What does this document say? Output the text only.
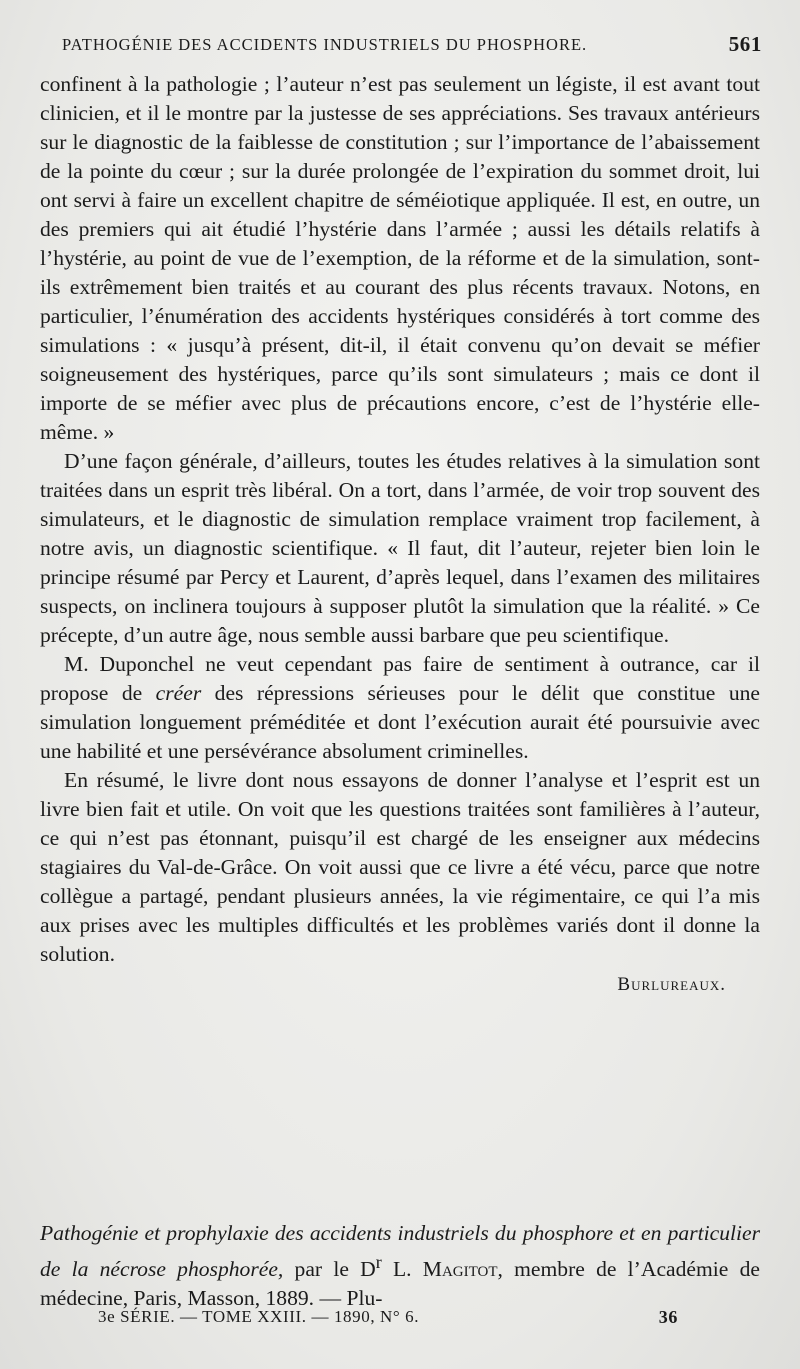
PATHOGÉNIE DES ACCIDENTS INDUSTRIELS DU PHOSPHORE.	561

confinent à la pathologie ; l’auteur n’est pas seulement un légiste, il est avant tout clinicien, et il le montre par la justesse de ses appréciations. Ses travaux antérieurs sur le diagnostic de la faiblesse de constitution ; sur l’importance de l’abaissement de la pointe du cœur ; sur la durée prolongée de l’expiration du sommet droit, lui ont servi à faire un excellent chapitre de séméiotique appliquée. Il est, en outre, un des premiers qui ait étudié l’hystérie dans l’armée ; aussi les détails relatifs à l’hystérie, au point de vue de l’exemption, de la réforme et de la simulation, sont-ils extrêmement bien traités et au courant des plus récents travaux. Notons, en particulier, l’énumération des accidents hystériques considérés à tort comme des simulations : « jusqu’à présent, dit-il, il était convenu qu’on devait se méfier soigneusement des hystériques, parce qu’ils sont simulateurs ; mais ce dont il importe de se méfier avec plus de précautions encore, c’est de l’hystérie elle-même. »

D’une façon générale, d’ailleurs, toutes les études relatives à la simulation sont traitées dans un esprit très libéral. On a tort, dans l’armée, de voir trop souvent des simulateurs, et le diagnostic de simulation remplace vraiment trop facilement, à notre avis, un diagnostic scientifique. « Il faut, dit l’auteur, rejeter bien loin le principe résumé par Percy et Laurent, d’après lequel, dans l’examen des militaires suspects, on inclinera toujours à supposer plutôt la simulation que la réalité. » Ce précepte, d’un autre âge, nous semble aussi barbare que peu scientifique.

M. Duponchel ne veut cependant pas faire de sentiment à outrance, car il propose de créer des répressions sérieuses pour le délit que constitue une simulation longuement préméditée et dont l’exécution aurait été poursuivie avec une habilité et une persévérance absolument criminelles.

En résumé, le livre dont nous essayons de donner l’analyse et l’esprit est un livre bien fait et utile. On voit que les questions traitées sont familières à l’auteur, ce qui n’est pas étonnant, puisqu’il est chargé de les enseigner aux médecins stagiaires du Val-de-Grâce. On voit aussi que ce livre a été vécu, parce que notre collègue a partagé, pendant plusieurs années, la vie régimentaire, ce qui l’a mis aux prises avec les multiples difficultés et les problèmes variés dont il donne la solution.

Burlureaux.
Pathogénie et prophylaxie des accidents industriels du phosphore et en particulier de la nécrose phosphorée, par le $D^r$ L. Magitot, membre de l’Académie de médecine, Paris, Masson, 1889. — Plu-
3e SÉRIE. — TOME XXIII. — 1890, N° 6.	36
